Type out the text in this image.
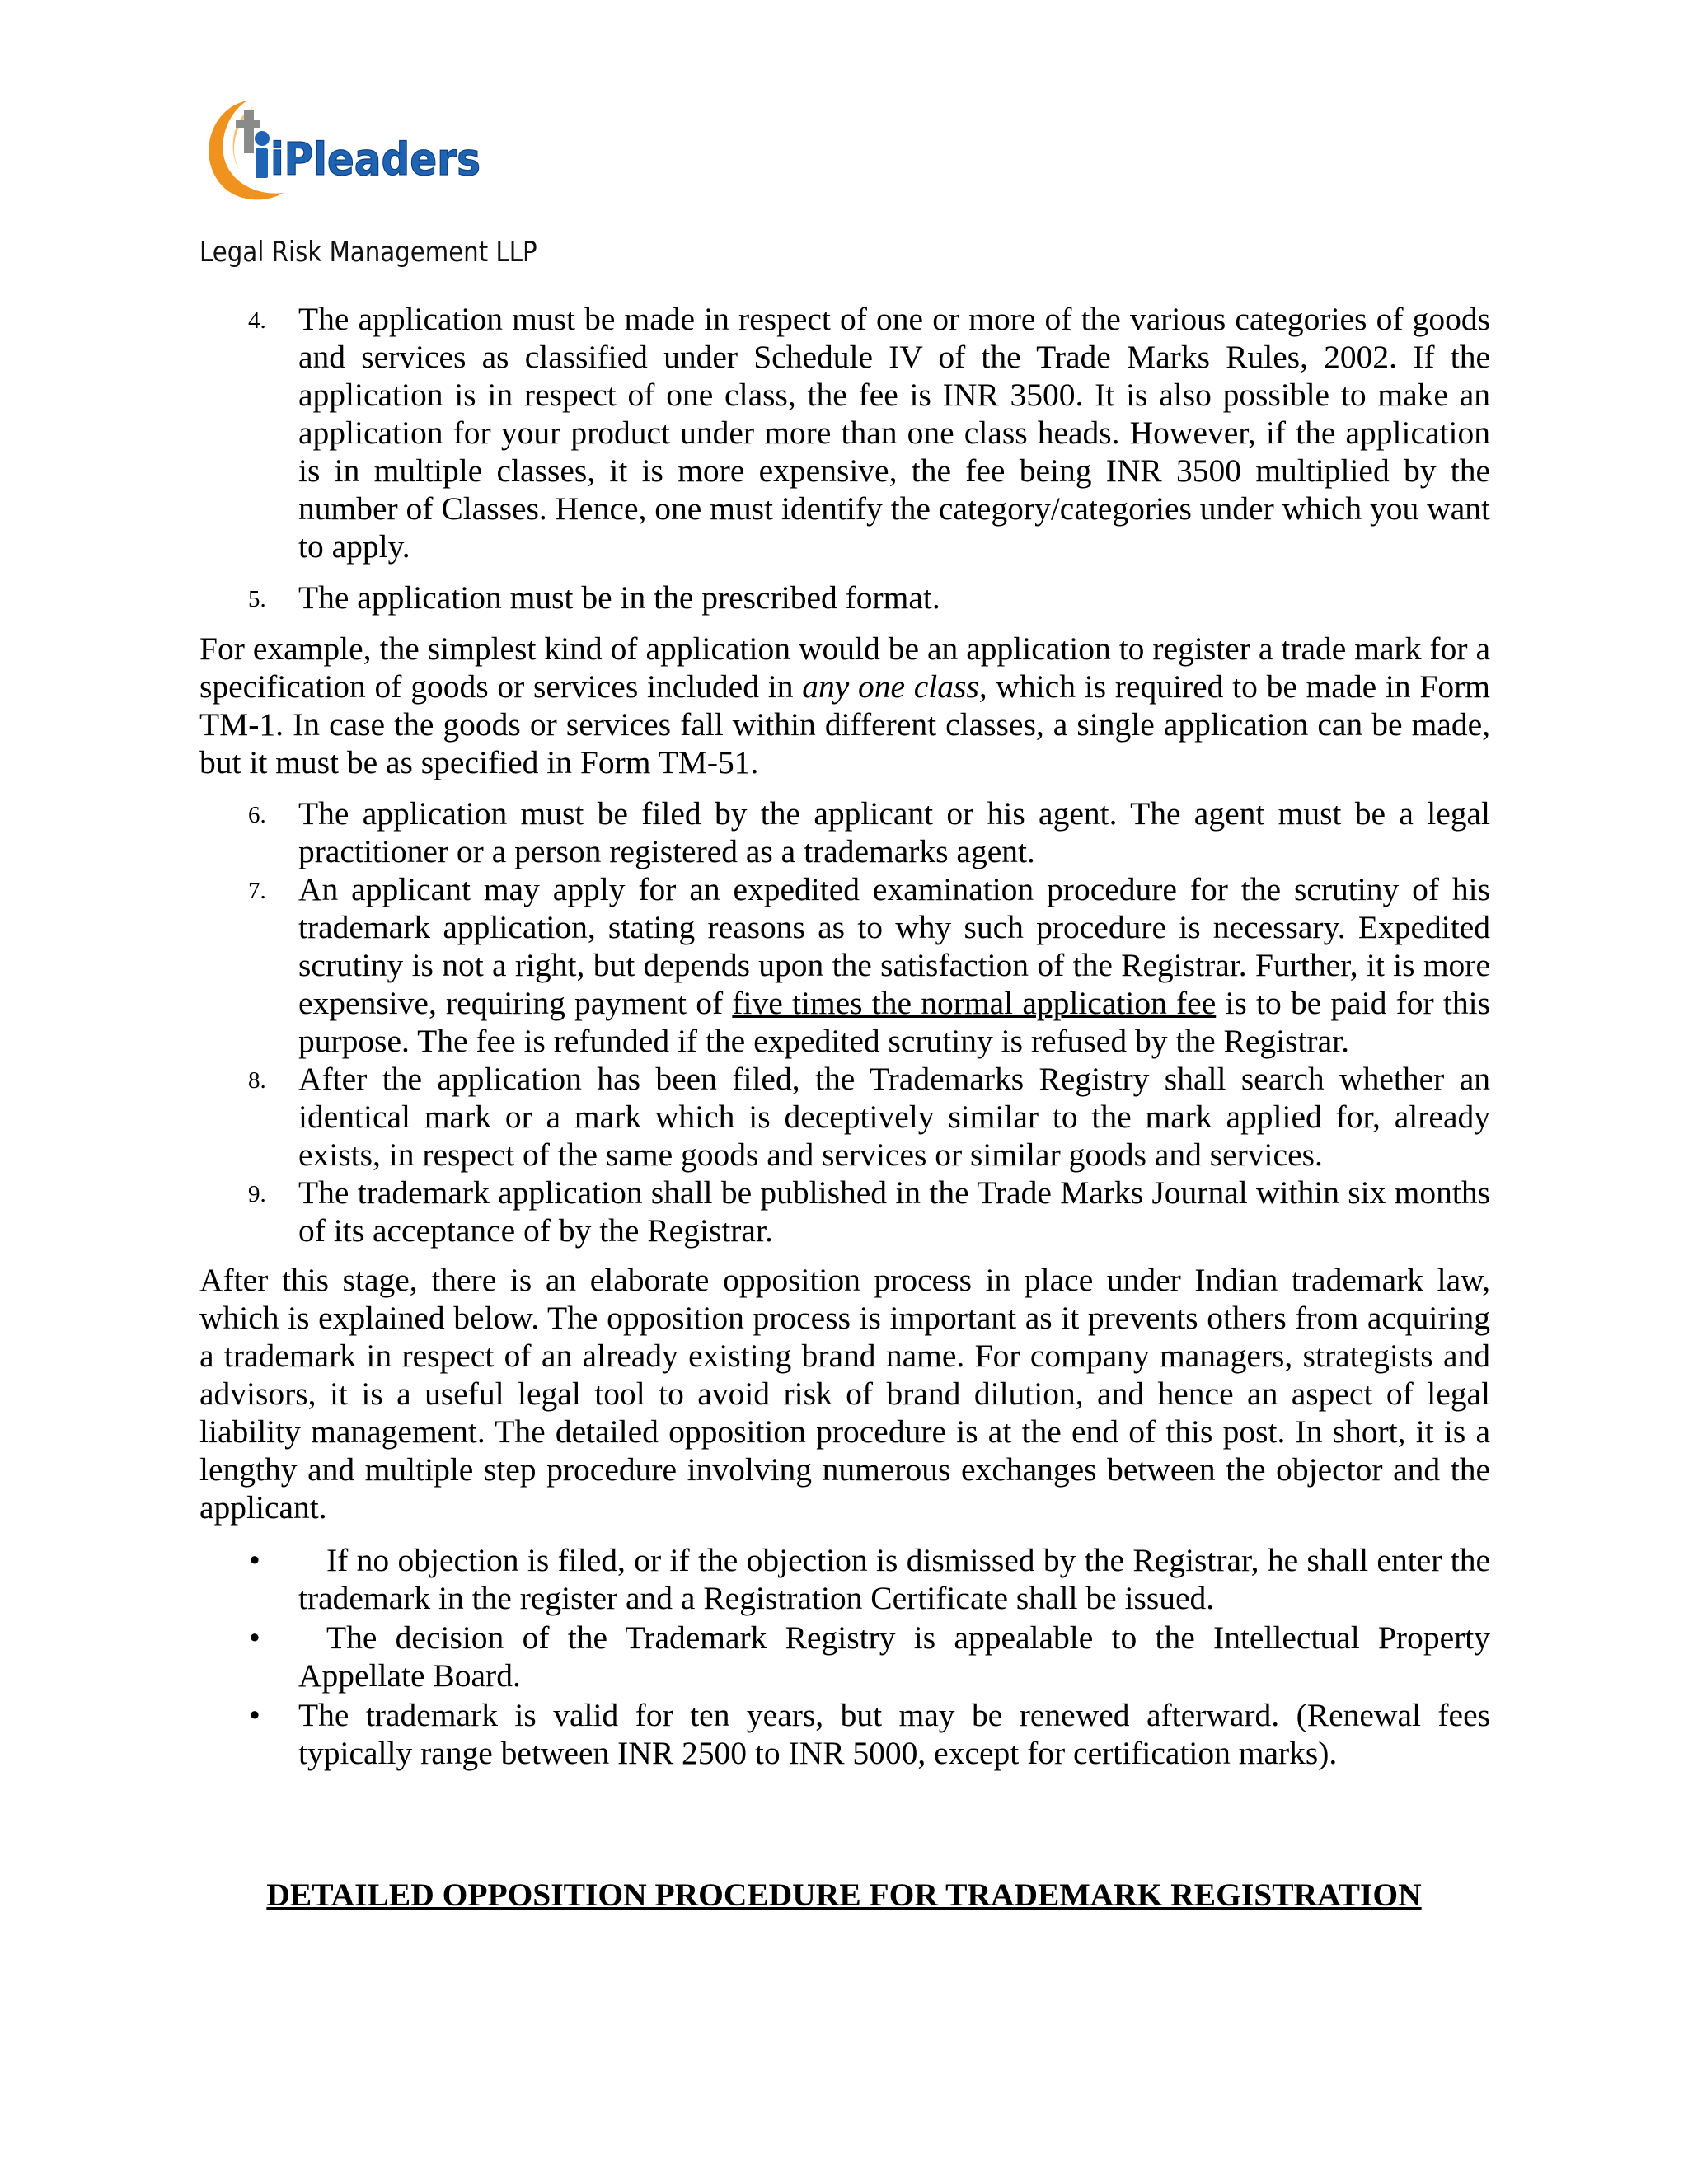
iPleaders

Legal Risk Management LLP

4. The application must be made in respect of one or more of the various categories of goods and services as classified under Schedule IV of the Trade Marks Rules, 2002. If the application is in respect of one class, the fee is INR 3500. It is also possible to make an application for your product under more than one class heads. However, if the application is in multiple classes, it is more expensive, the fee being INR 3500 multiplied by the number of Classes. Hence, one must identify the category/categories under which you want to apply.
5. The application must be in the prescribed format.

For example, the simplest kind of application would be an application to register a trade mark for a specification of goods or services included in any one class, which is required to be made in Form TM-1. In case the goods or services fall within different classes, a single application can be made, but it must be as specified in Form TM-51.

6. The application must be filed by the applicant or his agent. The agent must be a legal practitioner or a person registered as a trademarks agent.
7. An applicant may apply for an expedited examination procedure for the scrutiny of his trademark application, stating reasons as to why such procedure is necessary. Expedited scrutiny is not a right, but depends upon the satisfaction of the Registrar. Further, it is more expensive, requiring payment of five times the normal application fee is to be paid for this purpose. The fee is refunded if the expedited scrutiny is refused by the Registrar.
8. After the application has been filed, the Trademarks Registry shall search whether an identical mark or a mark which is deceptively similar to the mark applied for, already exists, in respect of the same goods and services or similar goods and services.
9. The trademark application shall be published in the Trade Marks Journal within six months of its acceptance of by the Registrar.

After this stage, there is an elaborate opposition process in place under Indian trademark law, which is explained below. The opposition process is important as it prevents others from acquiring a trademark in respect of an already existing brand name. For company managers, strategists and advisors, it is a useful legal tool to avoid risk of brand dilution, and hence an aspect of legal liability management. The detailed opposition procedure is at the end of this post. In short, it is a lengthy and multiple step procedure involving numerous exchanges between the objector and the applicant.

• If no objection is filed, or if the objection is dismissed by the Registrar, he shall enter the trademark in the register and a Registration Certificate shall be issued.
• The decision of the Trademark Registry is appealable to the Intellectual Property Appellate Board.
• The trademark is valid for ten years, but may be renewed afterward. (Renewal fees typically range between INR 2500 to INR 5000, except for certification marks).
DETAILED OPPOSITION PROCEDURE FOR TRADEMARK REGISTRATION
